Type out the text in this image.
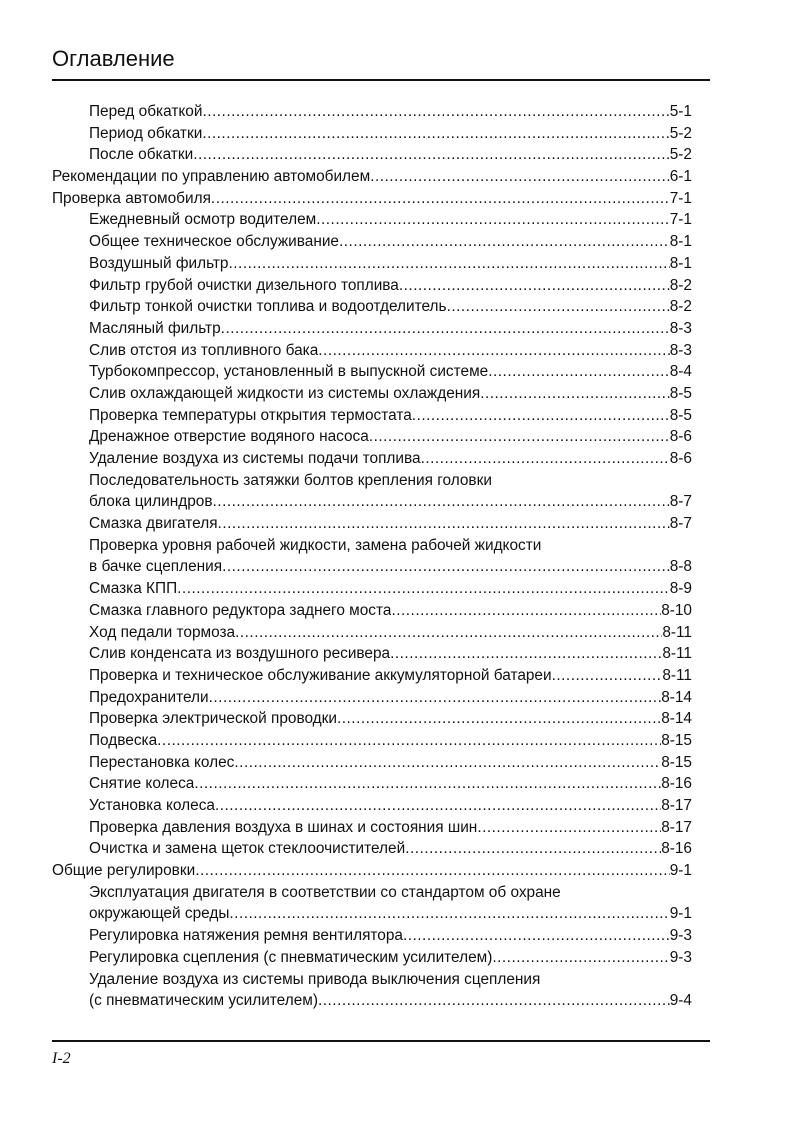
Оглавление
Перед обкаткой .....	5-1
Период обкатки .....	5-2
После обкатки .....	5-2
Рекомендации по управлению автомобилем .....	6-1
Проверка автомобиля .....	7-1
Ежедневный осмотр водителем .....	7-1
Общее техническое обслуживание .....	8-1
Воздушный фильтр .....	8-1
Фильтр грубой очистки дизельного топлива .....	8-2
Фильтр тонкой очистки топлива и водоотделитель .....	8-2
Масляный фильтр .....	8-3
Слив отстоя из топливного бака .....	8-3
Турбокомпрессор, установленный в выпускной системе .....	8-4
Слив охлаждающей жидкости из системы охлаждения .....	8-5
Проверка температуры открытия термостата .....	8-5
Дренажное отверстие водяного насоса .....	8-6
Удаление воздуха из системы подачи топлива .....	8-6
Последовательность затяжки болтов крепления головки
блока цилиндров .....	8-7
Смазка двигателя .....	8-7
Проверка уровня рабочей жидкости, замена рабочей жидкости
в бачке сцепления .....	8-8
Смазка КПП .....	8-9
Смазка главного редуктора заднего моста .....	8-10
Ход педали тормоза .....	8-11
Слив конденсата из воздушного ресивера .....	8-11
Проверка и техническое обслуживание аккумуляторной батареи .....	8-11
Предохранители .....	8-14
Проверка электрической проводки .....	8-14
Подвеска .....	8-15
Перестановка колес .....	8-15
Снятие колеса .....	8-16
Установка колеса .....	8-17
Проверка давления воздуха в шинах и состояния шин .....	8-17
Очистка и замена щеток стеклоочистителей .....	8-16
Общие регулировки .....	9-1
Эксплуатация двигателя в соответствии со стандартом об охране
окружающей среды .....	9-1
Регулировка натяжения ремня вентилятора .....	9-3
Регулировка сцепления (с пневматическим усилителем) .....	9-3
Удаление воздуха из системы привода выключения сцепления
(с пневматическим усилителем) .....	9-4
I-2
